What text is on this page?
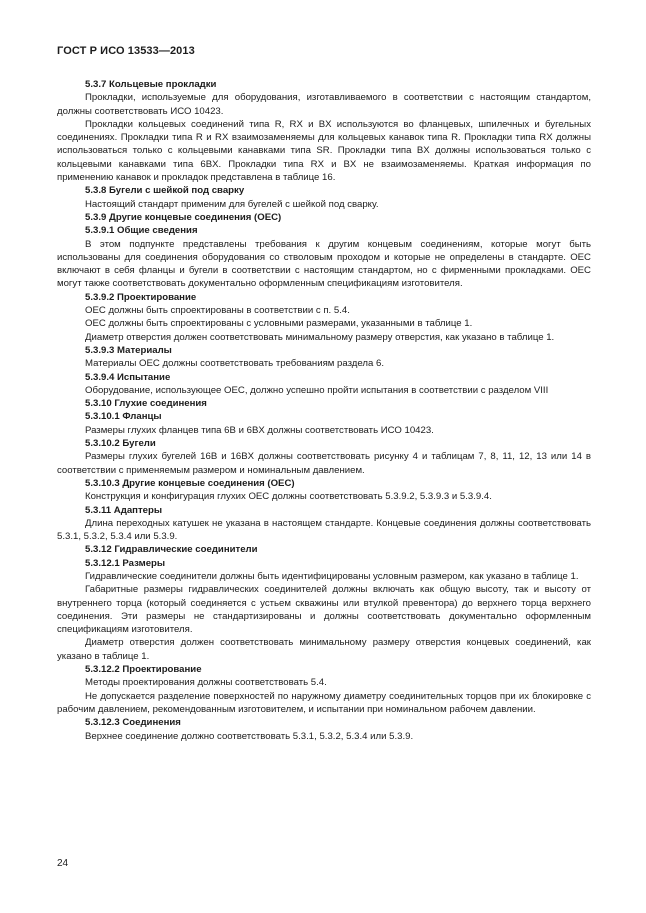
ГОСТ Р ИСО 13533—2013

5.3.7 Кольцевые прокладки

Прокладки, используемые для оборудования, изготавливаемого в соответствии с настоящим стандартом, должны соответствовать ИСО 10423.

Прокладки кольцевых соединений типа R, RX и BX используются во фланцевых, шпилечных и бугельных соединениях. Прокладки типа R и RX взаимозаменяемы для кольцевых канавок типа R. Прокладки типа RX должны использоваться только с кольцевыми канавками типа SR. Прокладки типа BX должны использоваться только с кольцевыми канавками типа 6BX. Прокладки типа RX и BX не взаимозаменяемы. Краткая информация по применению канавок и прокладок представлена в таблице 16.

5.3.8 Бугели с шейкой под сварку

Настоящий стандарт применим для бугелей с шейкой под сварку.

5.3.9 Другие концевые соединения (OEC)

5.3.9.1 Общие сведения

В этом подпункте представлены требования к другим концевым соединениям, которые могут быть использованы для соединения оборудования со стволовым проходом и которые не определены в стандарте. OEC включают в себя фланцы и бугели в соответствии с настоящим стандартом, но с фирменными прокладками. OEC могут также соответствовать документально оформленным спецификациям изготовителя.

5.3.9.2 Проектирование

OEC должны быть спроектированы в соответствии с п. 5.4.

OEC должны быть спроектированы с условными размерами, указанными в таблице 1.

Диаметр отверстия должен соответствовать минимальному размеру отверстия, как указано в таблице 1.

5.3.9.3 Материалы

Материалы OEC должны соответствовать требованиям раздела 6.

5.3.9.4 Испытание

Оборудование, использующее OEC, должно успешно пройти испытания в соответствии с разделом VIII

5.3.10 Глухие соединения

5.3.10.1 Фланцы

Размеры глухих фланцев типа 6B и 6BX должны соответствовать ИСО 10423.

5.3.10.2 Бугели

Размеры глухих бугелей 16B и 16BX должны соответствовать рисунку 4 и таблицам 7, 8, 11, 12, 13 или 14 в соответствии с применяемым размером и номинальным давлением.

5.3.10.3 Другие концевые соединения (OEC)

Конструкция и конфигурация глухих OEC должны соответствовать 5.3.9.2, 5.3.9.3 и 5.3.9.4.

5.3.11 Адаптеры

Длина переходных катушек не указана в настоящем стандарте. Концевые соединения должны соответствовать 5.3.1, 5.3.2, 5.3.4 или 5.3.9.

5.3.12 Гидравлические соединители

5.3.12.1 Размеры

Гидравлические соединители должны быть идентифицированы условным размером, как указано в таблице 1.

Габаритные размеры гидравлических соединителей должны включать как общую высоту, так и высоту от внутреннего торца (который соединяется с устьем скважины или втулкой превентора) до верхнего торца верхнего соединения. Эти размеры не стандартизированы и должны соответствовать документально оформленным спецификациям изготовителя.

Диаметр отверстия должен соответствовать минимальному размеру отверстия концевых соединений, как указано в таблице 1.

5.3.12.2 Проектирование

Методы проектирования должны соответствовать 5.4.

Не допускается разделение поверхностей по наружному диаметру соединительных торцов при их блокировке с рабочим давлением, рекомендованным изготовителем, и испытании при номинальном рабочем давлении.

5.3.12.3 Соединения

Верхнее соединение должно соответствовать 5.3.1, 5.3.2, 5.3.4 или 5.3.9.

24
